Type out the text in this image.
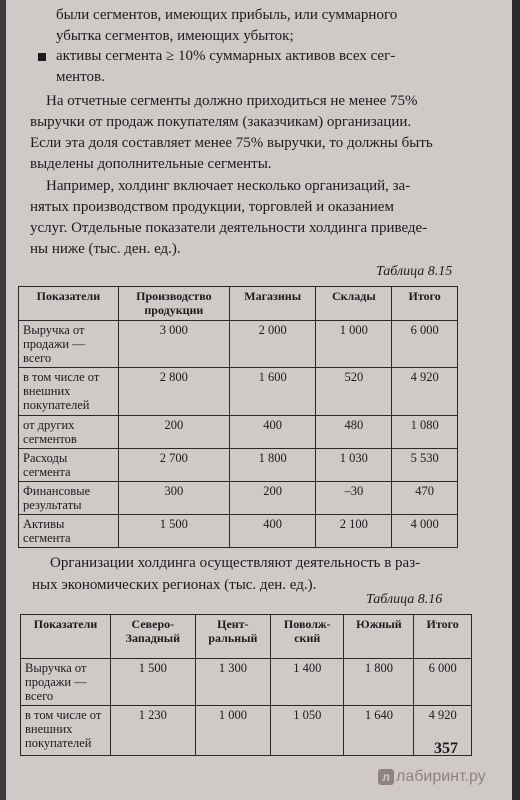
были сегментов, имеющих прибыль, или суммарного
убытка сегментов, имеющих убыток;
активы сегмента ≥ 10% суммарных активов всех сег-
ментов.
На отчетные сегменты должно приходиться не менее 75%
выручки от продаж покупателям (заказчикам) организации.
Если эта доля составляет менее 75% выручки, то должны быть
выделены дополнительные сегменты.
Например, холдинг включает несколько организаций, за-
нятых производством продукции, торговлей и оказанием
услуг. Отдельные показатели деятельности холдинга приведе-
ны ниже (тыс. ден. ед.).
Таблица 8.15
Показатели	Производство продукции	Магазины	Склады	Итого
Выручка от продажи — всего	3 000	2 000	1 000	6 000
в том числе от внешних покупателей	2 800	1 600	520	4 920
от других сегментов	200	400	480	1 080
Расходы сегмента	2 700	1 800	1 030	5 530
Финансовые результаты	300	200	–30	470
Активы сегмента	1 500	400	2 100	4 000
Организации холдинга осуществляют деятельность в раз-
ных экономических регионах (тыс. ден. ед.).
Таблица 8.16
Показатели	Северо-Западный	Цент-ральный	Поволж-ский	Южный	Итого
Выручка от продажи — всего	1 500	1 300	1 400	1 800	6 000
в том числе от внешних покупателей	1 230	1 000	1 050	1 640	4 920
357
л лабиринт.ру
